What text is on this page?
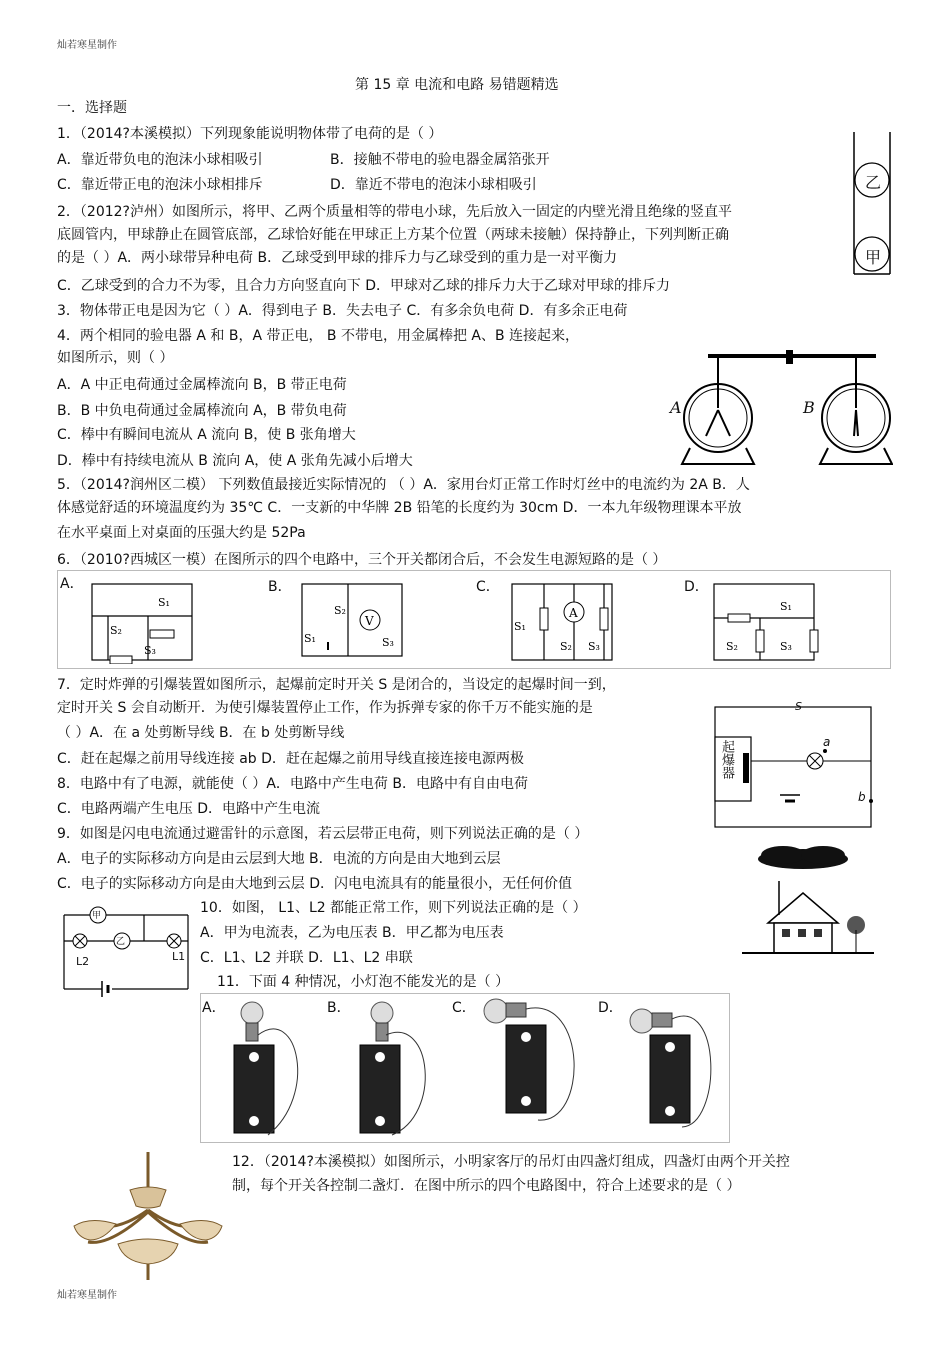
灿若寒星制作
灿若寒星制作
第 15 章 电流和电路 易错题精选
一．选择题
1．（2014?本溪模拟）下列现象能说明物体带了电荷的是（ ）
A．靠近带负电的泡沫小球相吸引	B．接触不带电的验电器金属箔张开
C．靠近带正电的泡沫小球相排斥	D．靠近不带电的泡沫小球相吸引	乙
甲
2．（2012?泸州）如图所示，将甲、乙两个质量相等的带电小球，先后放入一固定的内壁光滑且绝缘的竖直平
底圆管内，甲球静止在圆管底部，乙球恰好能在甲球正上方某个位置（两球未接触）保持静止，下列判断正确
的是（ ）A．两小球带异种电荷 B．乙球受到甲球的排斥力与乙球受到的重力是一对平衡力
C．乙球受到的合力不为零，且合力方向竖直向下 D．甲球对乙球的排斥力大于乙球对甲球的排斥力
3．物体带正电是因为它（ ）A．得到电子 B．失去电子 C．有多余负电荷 D．有多余正电荷
4．两个相同的验电器 A 和 B，A 带正电， B 不带电，用金属棒把 A、B 连接起来，
如图所示，则（ ）
A．A 中正电荷通过金属棒流向 B，B 带正电荷
B．B 中负电荷通过金属棒流向 A，B 带负电荷
C．棒中有瞬间电流从 A 流向 B，使 B 张角增大
D．棒中有持续电流从 B 流向 A，使 A 张角先减小后增大
A	B
5．（2014?润州区二模） 下列数值最接近实际情况的 （ ）A．家用台灯正常工作时灯丝中的电流约为 2A B．人
体感觉舒适的环境温度约为 35℃ C．一支新的中华牌 2B 铅笔的长度约为 30cm D．一本九年级物理课本平放
在水平桌面上对桌面的压强大约是 52Pa
6．（2010?西城区一模）在图所示的四个电路中，三个开关都闭合后，不会发生电源短路的是（ ）
A．	B．	C．	D．
S₁
S₂
S₃
V
S₁
S₂
S₃
A
S₁
S₂ S₃
S₁
S₂	S₃
7．定时炸弹的引爆装置如图所示，起爆前定时开关 S 是闭合的，当设定的起爆时间一到，
定时开关 S 会自动断开．为使引爆装置停止工作，作为拆弹专家的你千万不能实施的是
（ ）A．在 a 处剪断导线 B．在 b 处剪断导线
C．赶在起爆之前用导线连接 ab D．赶在起爆之前用导线直接连接电源两极	起爆器
S
a
b
8．电路中有了电源，就能使（ ）A．电路中产生电荷 B．电路中有自由电荷
C．电路两端产生电压 D．电路中产生电流
9．如图是闪电电流通过避雷针的示意图，若云层带正电荷，则下列说法正确的是（ ）
A．电子的实际移动方向是由云层到大地 B．电流的方向是由大地到云层
C．电子的实际移动方向是由大地到云层 D．闪电电流具有的能量很小，无任何价值
甲
乙
L2	L1
10．如图， L1、L2 都能正常工作，则下列说法正确的是（ ）
A．甲为电流表，乙为电压表 B．甲乙都为电压表
C．L1、L2 并联 D．L1、L2 串联
11．下面 4 种情况，小灯泡不能发光的是（ ）
A．	B．	C．	D．
12．（2014?本溪模拟）如图所示，小明家客厅的吊灯由四盏灯组成，四盏灯由两个开关控
制，每个开关各控制二盏灯．在图中所示的四个电路图中，符合上述要求的是（ ）
